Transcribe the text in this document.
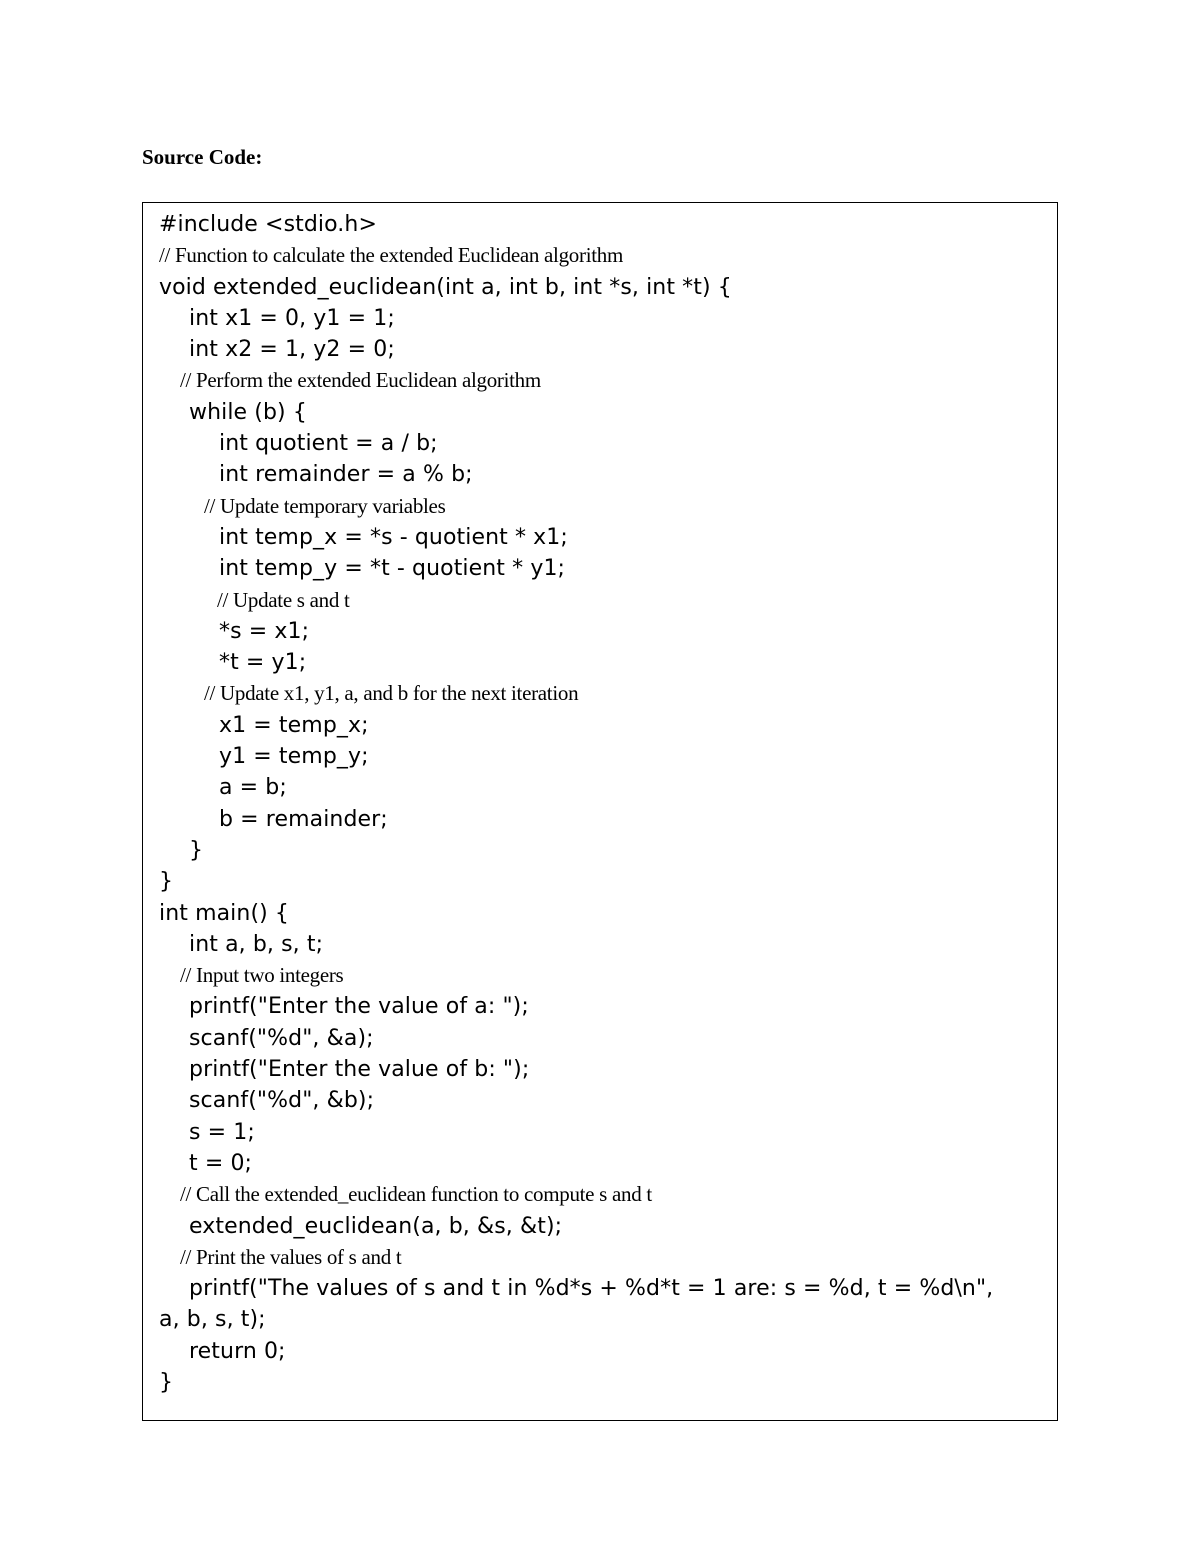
Source Code:
#include <stdio.h>
// Function to calculate the extended Euclidean algorithm
void extended_euclidean(int a, int b, int *s, int *t) {
int x1 = 0, y1 = 1;
int x2 = 1, y2 = 0;
// Perform the extended Euclidean algorithm
while (b) {
int quotient = a / b;
int remainder = a % b;
// Update temporary variables
int temp_x = *s - quotient * x1;
int temp_y = *t - quotient * y1;
// Update s and t
*s = x1;
*t = y1;
// Update x1, y1, a, and b for the next iteration
x1 = temp_x;
y1 = temp_y;
a = b;
b = remainder;
}
}
int main() {
int a, b, s, t;
// Input two integers
printf("Enter the value of a: ");
scanf("%d", &a);
printf("Enter the value of b: ");
scanf("%d", &b);
s = 1;
t = 0;
// Call the extended_euclidean function to compute s and t
extended_euclidean(a, b, &s, &t);
// Print the values of s and t
printf("The values of s and t in %d*s + %d*t = 1 are: s = %d, t = %d\n",
a, b, s, t);
return 0;
}
